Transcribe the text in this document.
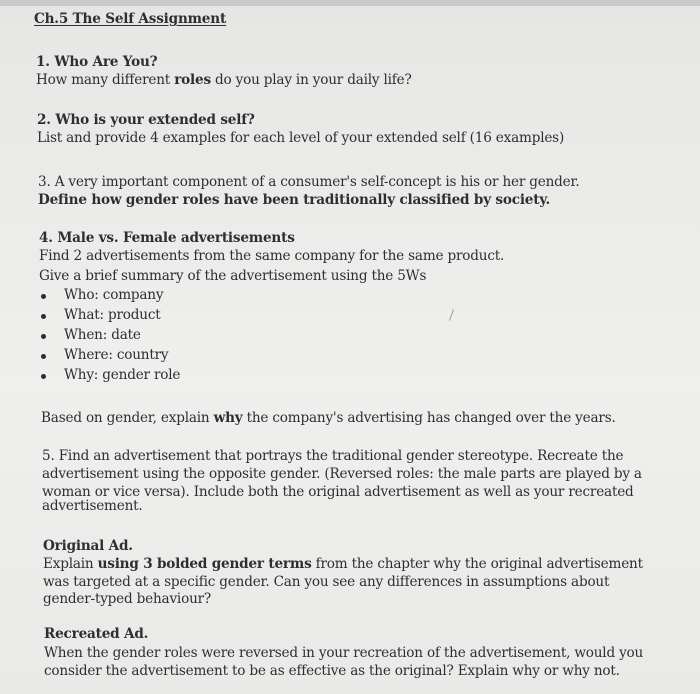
Ch.5 The Self Assignment
1. Who Are You?
How many different roles do you play in your daily life?
2. Who is your extended self?
List and provide 4 examples for each level of your extended self (16 examples)
3. A very important component of a consumer's self-concept is his or her gender.
Define how gender roles have been traditionally classified by society.
4. Male vs. Female advertisements
Find 2 advertisements from the same company for the same product.
Give a brief summary of the advertisement using the 5Ws
Who: company
What: product
When: date
Where: country
Why: gender role
Based on gender, explain why the company's advertising has changed over the years.
5. Find an advertisement that portrays the traditional gender stereotype. Recreate the
advertisement using the opposite gender. (Reversed roles: the male parts are played by a
woman or vice versa). Include both the original advertisement as well as your recreated
advertisement.
Original Ad.
Explain using 3 bolded gender terms from the chapter why the original advertisement
was targeted at a specific gender. Can you see any differences in assumptions about
gender-typed behaviour?
Recreated Ad.
When the gender roles were reversed in your recreation of the advertisement, would you
consider the advertisement to be as effective as the original? Explain why or why not.
